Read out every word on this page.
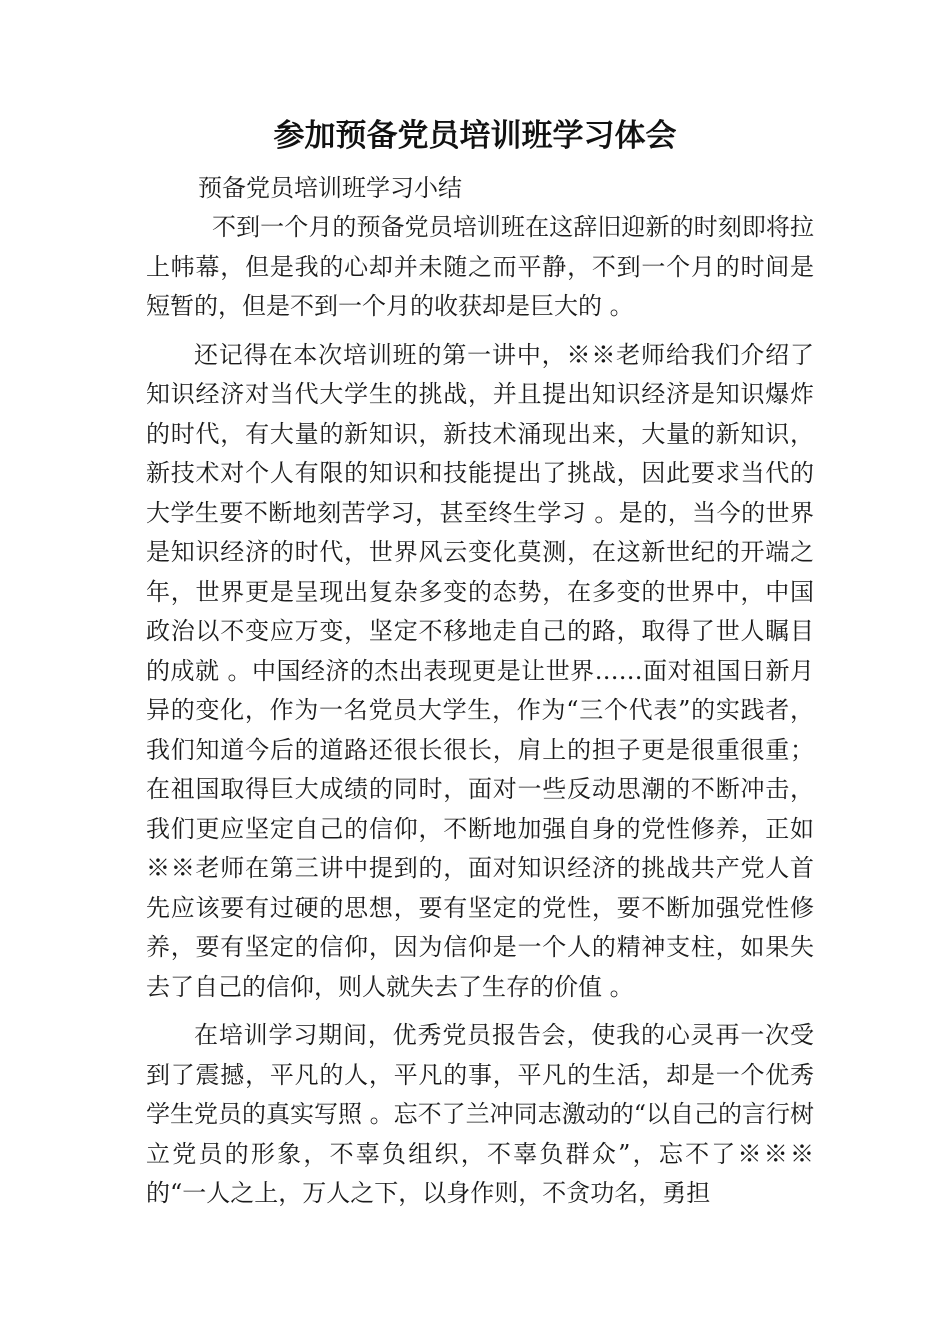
参加预备党员培训班学习体会
预备党员培训班学习小结

不到一个月的预备党员培训班在这辞旧迎新的时刻即将拉上帏幕，但是我的心却并未随之而平静，不到一个月的时间是短暂的，但是不到一个月的收获却是巨大的 。

还记得在本次培训班的第一讲中，※※老师给我们介绍了知识经济对当代大学生的挑战，并且提出知识经济是知识爆炸的时代，有大量的新知识，新技术涌现出来，大量的新知识，新技术对个人有限的知识和技能提出了挑战，因此要求当代的大学生要不断地刻苦学习，甚至终生学习 。是的，当今的世界是知识经济的时代，世界风云变化莫测，在这新世纪的开端之年，世界更是呈现出复杂多变的态势，在多变的世界中，中国政治以不变应万变，坚定不移地走自己的路，取得了世人瞩目的成就 。中国经济的杰出表现更是让世界……面对祖国日新月异的变化，作为一名党员大学生，作为“三个代表”的实践者，我们知道今后的道路还很长很长，肩上的担子更是很重很重；在祖国取得巨大成绩的同时，面对一些反动思潮的不断冲击，我们更应坚定自己的信仰，不断地加强自身的党性修养，正如※※老师在第三讲中提到的，面对知识经济的挑战共产党人首先应该要有过硬的思想，要有坚定的党性，要不断加强党性修养，要有坚定的信仰，因为信仰是一个人的精神支柱，如果失去了自己的信仰，则人就失去了生存的价值 。

在培训学习期间，优秀党员报告会，使我的心灵再一次受到了震撼，平凡的人，平凡的事，平凡的生活，却是一个优秀学生党员的真实写照 。忘不了兰冲同志激动的“以自己的言行树立党员的形象，不辜负组织，不辜负群众”，忘不了※※※的“一人之上，万人之下，以身作则，不贪功名，勇担
